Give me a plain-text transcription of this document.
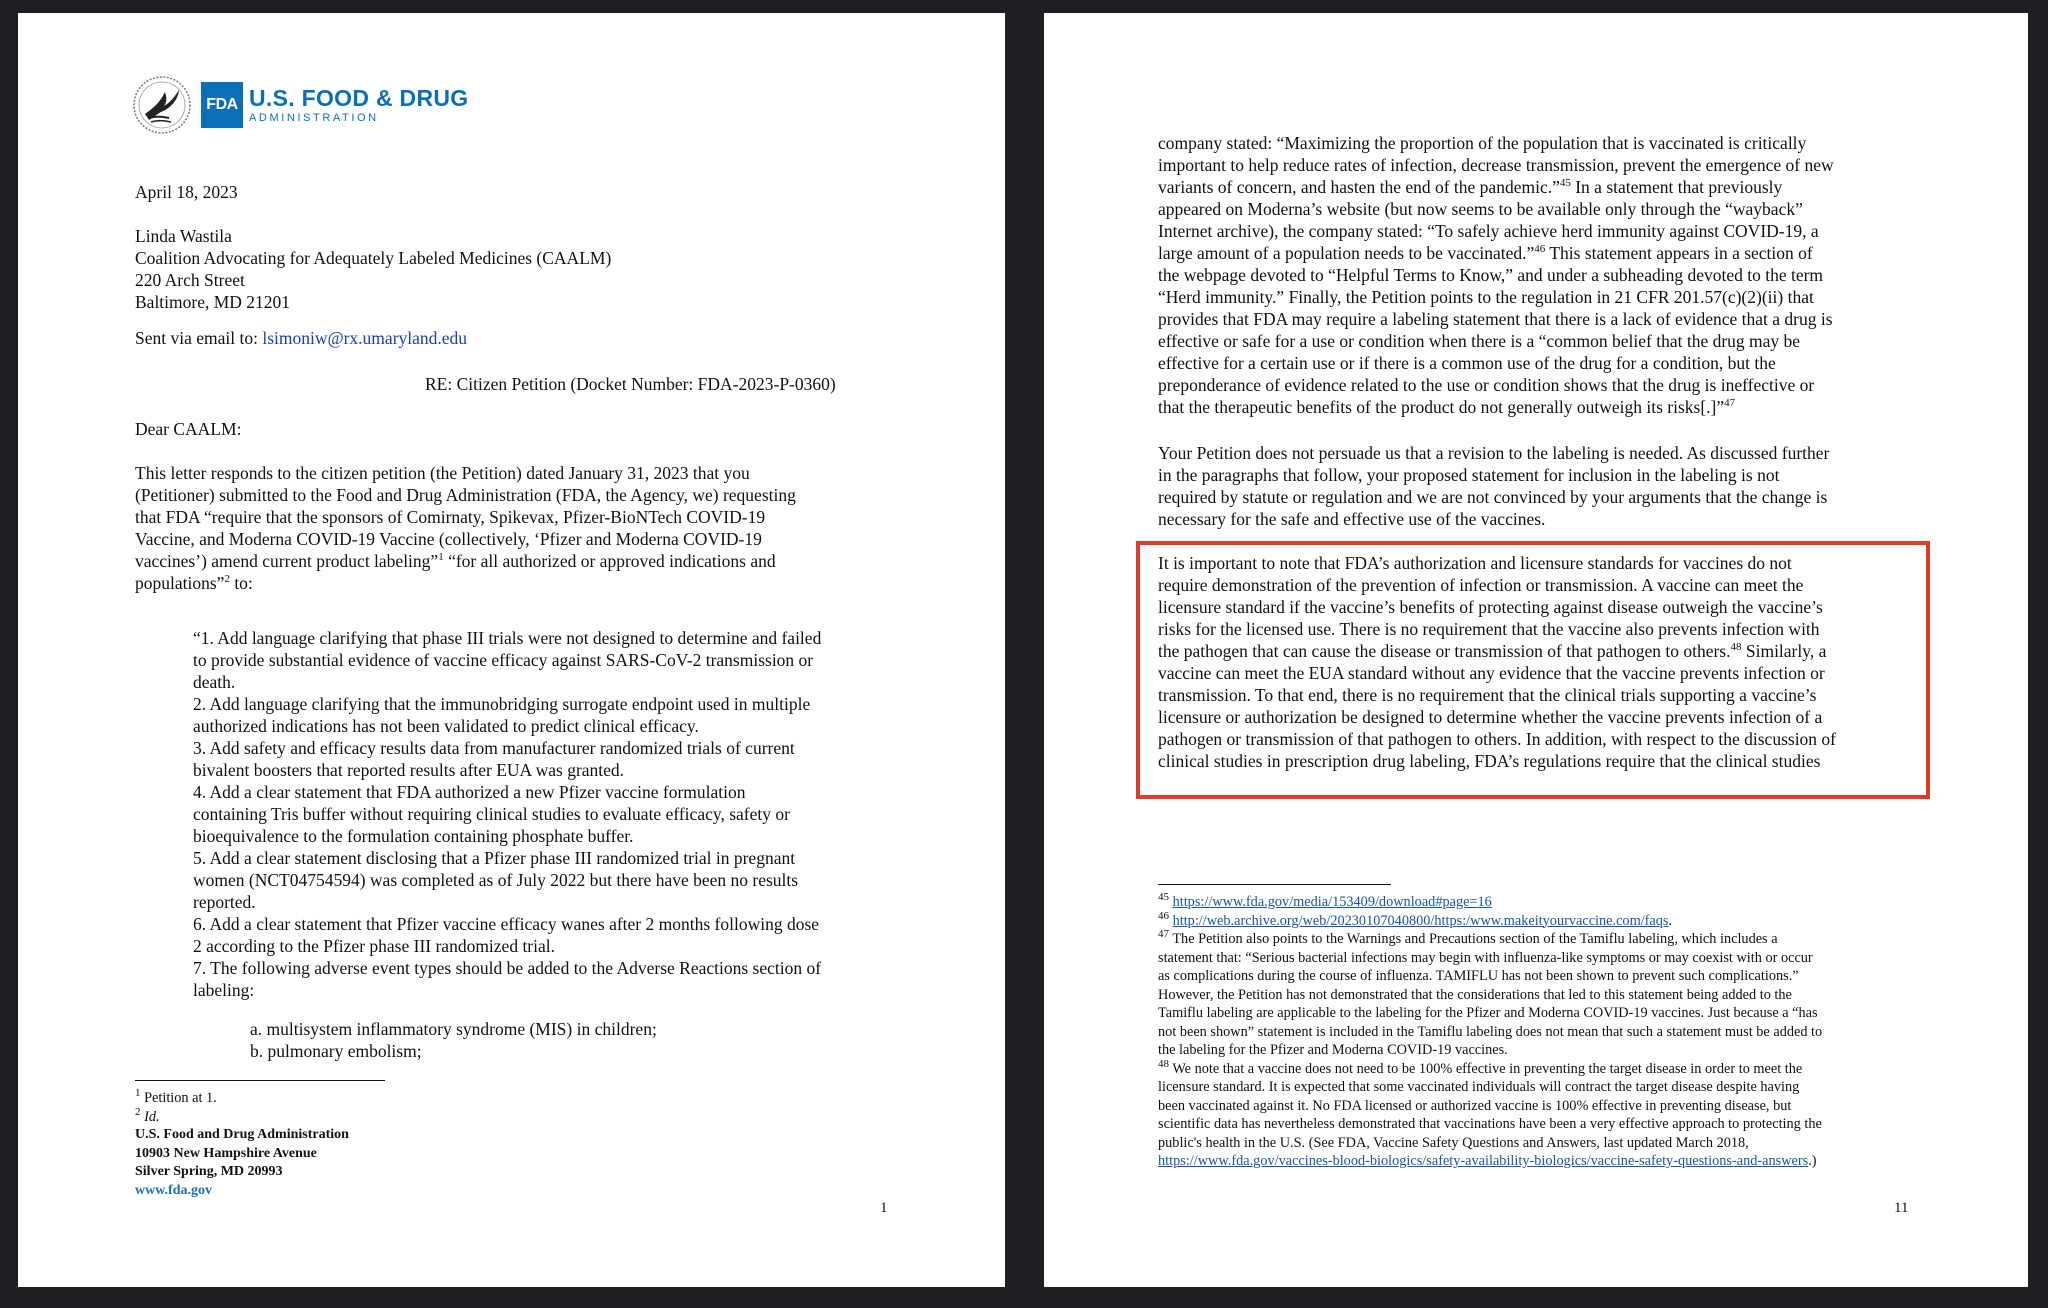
FDA U.S. FOOD & DRUG
ADMINISTRATION
April 18, 2023
Linda Wastila
Coalition Advocating for Adequately Labeled Medicines (CAALM)
220 Arch Street
Baltimore, MD 21201
Sent via email to: lsimoniw@rx.umaryland.edu
RE: Citizen Petition (Docket Number: FDA-2023-P-0360)
Dear CAALM:
This letter responds to the citizen petition (the Petition) dated January 31, 2023 that you
(Petitioner) submitted to the Food and Drug Administration (FDA, the Agency, we) requesting
that FDA “require that the sponsors of Comirnaty, Spikevax, Pfizer-BioNTech COVID-19
Vaccine, and Moderna COVID-19 Vaccine (collectively, ‘Pfizer and Moderna COVID-19
vaccines’) amend current product labeling”$^1$ “for all authorized or approved indications and
populations”$^2$ to:
“1. Add language clarifying that phase III trials were not designed to determine and failed
to provide substantial evidence of vaccine efficacy against SARS-CoV-2 transmission or
death.
2. Add language clarifying that the immunobridging surrogate endpoint used in multiple
authorized indications has not been validated to predict clinical efficacy.
3. Add safety and efficacy results data from manufacturer randomized trials of current
bivalent boosters that reported results after EUA was granted.
4. Add a clear statement that FDA authorized a new Pfizer vaccine formulation
containing Tris buffer without requiring clinical studies to evaluate efficacy, safety or
bioequivalence to the formulation containing phosphate buffer.
5. Add a clear statement disclosing that a Pfizer phase III randomized trial in pregnant
women (NCT04754594) was completed as of July 2022 but there have been no results
reported.
6. Add a clear statement that Pfizer vaccine efficacy wanes after 2 months following dose
2 according to the Pfizer phase III randomized trial.
7. The following adverse event types should be added to the Adverse Reactions section of
labeling:
a. multisystem inflammatory syndrome (MIS) in children;
b. pulmonary embolism;
$^1$ Petition at 1.
$^2$ Id.
U.S. Food and Drug Administration
10903 New Hampshire Avenue
Silver Spring, MD 20993
www.fda.gov
1
company stated: “Maximizing the proportion of the population that is vaccinated is critically
important to help reduce rates of infection, decrease transmission, prevent the emergence of new
variants of concern, and hasten the end of the pandemic.”$^{45}$ In a statement that previously
appeared on Moderna’s website (but now seems to be available only through the “wayback”
Internet archive), the company stated: “To safely achieve herd immunity against COVID-19, a
large amount of a population needs to be vaccinated.”$^{46}$ This statement appears in a section of
the webpage devoted to “Helpful Terms to Know,” and under a subheading devoted to the term
“Herd immunity.” Finally, the Petition points to the regulation in 21 CFR 201.57(c)(2)(ii) that
provides that FDA may require a labeling statement that there is a lack of evidence that a drug is
effective or safe for a use or condition when there is a “common belief that the drug may be
effective for a certain use or if there is a common use of the drug for a condition, but the
preponderance of evidence related to the use or condition shows that the drug is ineffective or
that the therapeutic benefits of the product do not generally outweigh its risks[.]”$^{47}$
Your Petition does not persuade us that a revision to the labeling is needed. As discussed further
in the paragraphs that follow, your proposed statement for inclusion in the labeling is not
required by statute or regulation and we are not convinced by your arguments that the change is
necessary for the safe and effective use of the vaccines.
It is important to note that FDA’s authorization and licensure standards for vaccines do not
require demonstration of the prevention of infection or transmission. A vaccine can meet the
licensure standard if the vaccine’s benefits of protecting against disease outweigh the vaccine’s
risks for the licensed use. There is no requirement that the vaccine also prevents infection with
the pathogen that can cause the disease or transmission of that pathogen to others.$^{48}$ Similarly, a
vaccine can meet the EUA standard without any evidence that the vaccine prevents infection or
transmission. To that end, there is no requirement that the clinical trials supporting a vaccine’s
licensure or authorization be designed to determine whether the vaccine prevents infection of a
pathogen or transmission of that pathogen to others. In addition, with respect to the discussion of
clinical studies in prescription drug labeling, FDA’s regulations require that the clinical studies
$^{45}$ https://www.fda.gov/media/153409/download#page=16
$^{46}$ http://web.archive.org/web/20230107040800/https:/www.makeityourvaccine.com/faqs.
$^{47}$ The Petition also points to the Warnings and Precautions section of the Tamiflu labeling, which includes a
statement that: “Serious bacterial infections may begin with influenza-like symptoms or may coexist with or occur
as complications during the course of influenza. TAMIFLU has not been shown to prevent such complications.”
However, the Petition has not demonstrated that the considerations that led to this statement being added to the
Tamiflu labeling are applicable to the labeling for the Pfizer and Moderna COVID-19 vaccines. Just because a “has
not been shown” statement is included in the Tamiflu labeling does not mean that such a statement must be added to
the labeling for the Pfizer and Moderna COVID-19 vaccines.
$^{48}$ We note that a vaccine does not need to be 100% effective in preventing the target disease in order to meet the
licensure standard. It is expected that some vaccinated individuals will contract the target disease despite having
been vaccinated against it. No FDA licensed or authorized vaccine is 100% effective in preventing disease, but
scientific data has nevertheless demonstrated that vaccinations have been a very effective approach to protecting the
public's health in the U.S. (See FDA, Vaccine Safety Questions and Answers, last updated March 2018,
https://www.fda.gov/vaccines-blood-biologics/safety-availability-biologics/vaccine-safety-questions-and-answers.)
11
